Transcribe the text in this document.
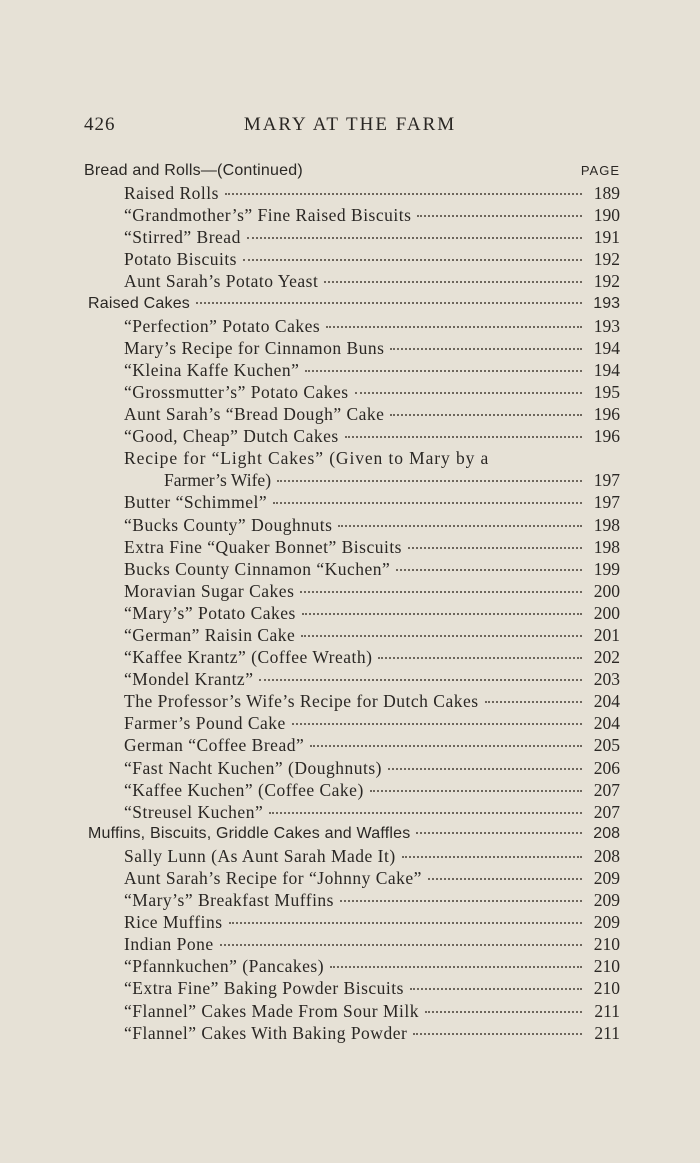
426	MARY AT THE FARM
Bread and Rolls—(Continued)	PAGE
Raised Rolls	189
“Grandmother’s” Fine Raised Biscuits	190
“Stirred” Bread	191
Potato Biscuits	192
Aunt Sarah’s Potato Yeast	192
Raised Cakes	193
“Perfection” Potato Cakes	193
Mary’s Recipe for Cinnamon Buns	194
“Kleina Kaffe Kuchen”	194
“Grossmutter’s” Potato Cakes	195
Aunt Sarah’s “Bread Dough” Cake	196
“Good, Cheap” Dutch Cakes	196
Recipe for “Light Cakes” (Given to Mary by a
Farmer’s Wife)	197
Butter “Schimmel”	197
“Bucks County” Doughnuts	198
Extra Fine “Quaker Bonnet” Biscuits	198
Bucks County Cinnamon “Kuchen”	199
Moravian Sugar Cakes	200
“Mary’s” Potato Cakes	200
“German” Raisin Cake	201
“Kaffee Krantz” (Coffee Wreath)	202
“Mondel Krantz”	203
The Professor’s Wife’s Recipe for Dutch Cakes	204
Farmer’s Pound Cake	204
German “Coffee Bread”	205
“Fast Nacht Kuchen” (Doughnuts)	206
“Kaffee Kuchen” (Coffee Cake)	207
“Streusel Kuchen”	207
Muffins, Biscuits, Griddle Cakes and Waffles	208
Sally Lunn (As Aunt Sarah Made It)	208
Aunt Sarah’s Recipe for “Johnny Cake”	209
“Mary’s” Breakfast Muffins	209
Rice Muffins	209
Indian Pone	210
“Pfannkuchen” (Pancakes)	210
“Extra Fine” Baking Powder Biscuits	210
“Flannel” Cakes Made From Sour Milk	211
“Flannel” Cakes With Baking Powder	211
